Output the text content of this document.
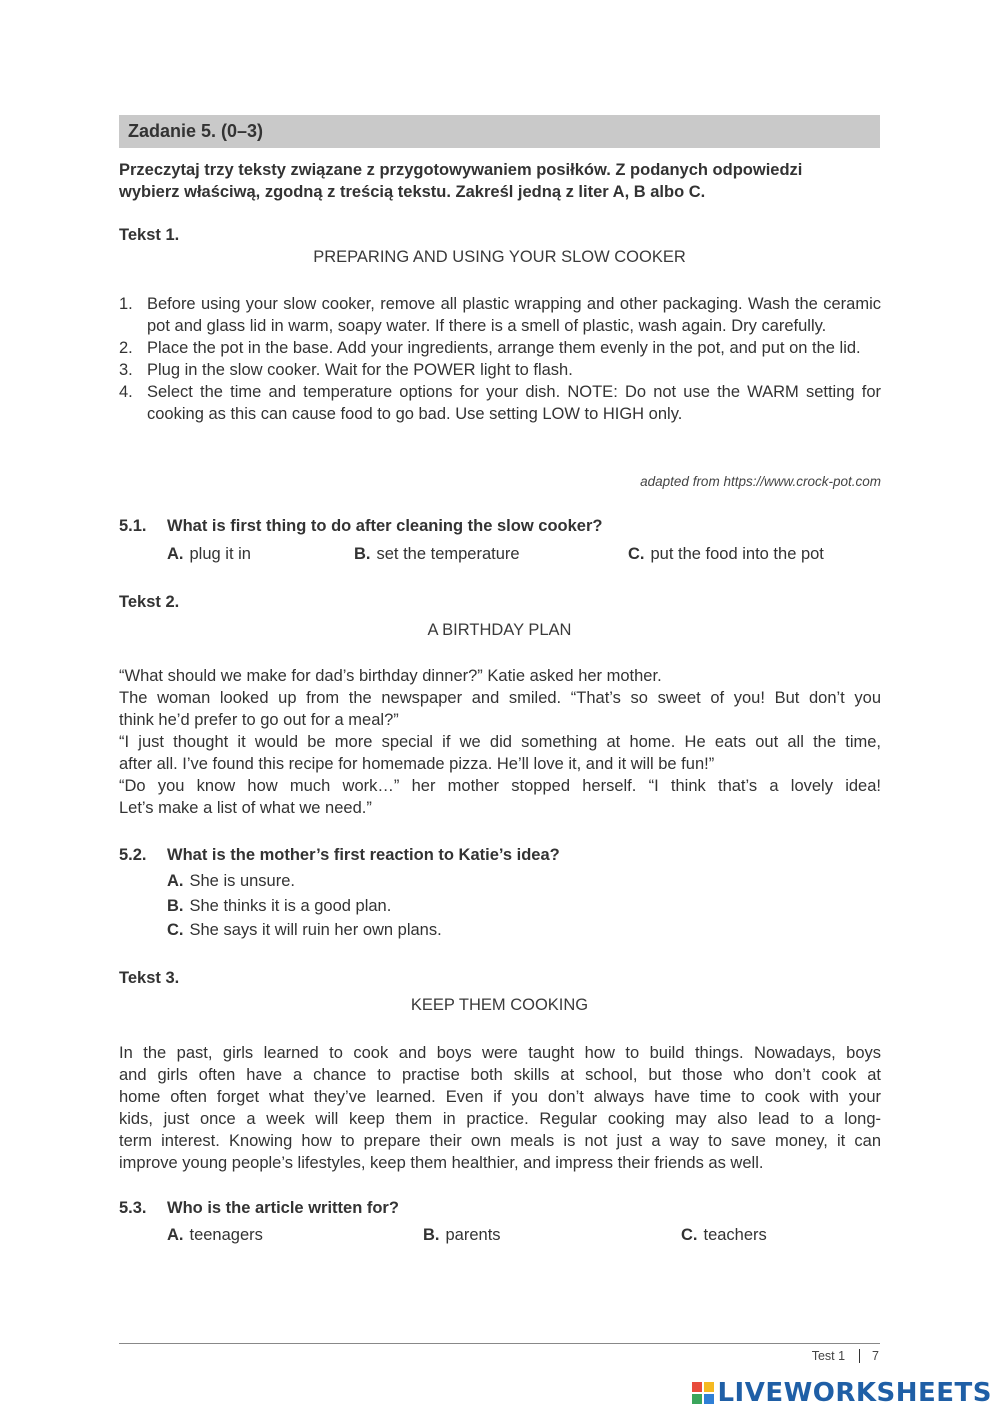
Zadanie 5. (0–3)
Przeczytaj trzy teksty związane z przygotowywaniem posiłków. Z podanych odpowiedzi
wybierz właściwą, zgodną z treścią tekstu. Zakreśl jedną z liter A, B albo C.
Tekst 1.
PREPARING AND USING YOUR SLOW COOKER
1. Before using your slow cooker, remove all plastic wrapping and other packaging. Wash the ceramic pot and glass lid in warm, soapy water. If there is a smell of plastic, wash again. Dry carefully.
2. Place the pot in the base. Add your ingredients, arrange them evenly in the pot, and put on the lid.
3. Plug in the slow cooker. Wait for the POWER light to flash.
4. Select the time and temperature options for your dish. NOTE: Do not use the WARM setting for cooking as this can cause food to go bad. Use setting LOW to HIGH only.
adapted from https://www.crock-pot.com
5.1. What is first thing to do after cleaning the slow cooker?
A. plug it in	B. set the temperature	C. put the food into the pot
Tekst 2.
A BIRTHDAY PLAN
“What should we make for dad’s birthday dinner?” Katie asked her mother.
The woman looked up from the newspaper and smiled. “That’s so sweet of you! But don’t you
think he’d prefer to go out for a meal?”
“I just thought it would be more special if we did something at home. He eats out all the time,
after all. I’ve found this recipe for homemade pizza. He’ll love it, and it will be fun!”
“Do you know how much work…” her mother stopped herself. “I think that’s a lovely idea!
Let’s make a list of what we need.”
5.2. What is the mother’s first reaction to Katie’s idea?
A. She is unsure.
B. She thinks it is a good plan.
C. She says it will ruin her own plans.
Tekst 3.
KEEP THEM COOKING
In the past, girls learned to cook and boys were taught how to build things. Nowadays, boys
and girls often have a chance to practise both skills at school, but those who don’t cook at
home often forget what they’ve learned. Even if you don’t always have time to cook with your
kids, just once a week will keep them in practice. Regular cooking may also lead to a long-
term interest. Knowing how to prepare their own meals is not just a way to save money, it can
improve young people’s lifestyles, keep them healthier, and impress their friends as well.
5.3. Who is the article written for?
A. teenagers	B. parents	C. teachers
Test 1 7
LIVEWORKSHEETS
